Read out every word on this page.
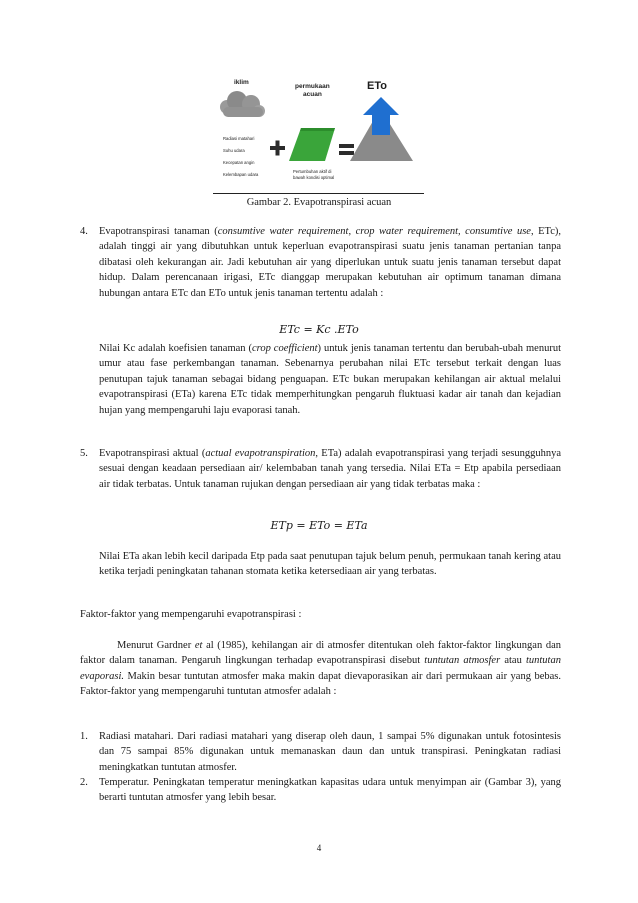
iklim
permukaan
acuan
ETo
Radiasi matahari
Suhu udara
Kecepatan angin
Kelembapan udara
Pertumbuhan aktif di
bawah kondisi optimal
Gambar 2. Evapotranspirasi acuan
4. Evapotranspirasi tanaman (consumtive water requirement, crop water requirement, consumtive use, ETc), adalah tinggi air yang dibutuhkan untuk keperluan evapotranspirasi suatu jenis tanaman pertanian tanpa dibatasi oleh kekurangan air. Jadi kebutuhan air yang diperlukan untuk suatu jenis tanaman tersebut dapat hidup. Dalam perencanaan irigasi, ETc dianggap merupakan kebutuhan air optimum tanaman dimana hubungan antara ETc dan ETo untuk jenis tanaman tertentu adalah :
ETc = Kc .ETo
Nilai Kc adalah koefisien tanaman (crop coefficient) untuk jenis tanaman tertentu dan berubah-ubah menurut umur atau fase perkembangan tanaman. Sebenarnya perubahan nilai ETc tersebut terkait dengan luas penutupan tajuk tanaman sebagai bidang penguapan. ETc bukan merupakan kehilangan air aktual melalui evapotranspirasi (ETa) karena ETc tidak memperhitungkan pengaruh fluktuasi kadar air tanah dan kejadian hujan yang mempengaruhi laju evaporasi tanah.
5. Evapotranspirasi aktual (actual evapotranspiration, ETa) adalah evapotranspirasi yang terjadi sesungguhnya sesuai dengan keadaan persediaan air/ kelembaban tanah yang tersedia. Nilai ETa = Etp apabila persediaan air tidak terbatas. Untuk tanaman rujukan dengan persediaan air yang tidak terbatas maka :
ETp = ETo = ETa
Nilai ETa akan lebih kecil daripada Etp pada saat penutupan tajuk belum penuh, permukaan tanah kering atau ketika terjadi peningkatan tahanan stomata ketika ketersediaan air yang terbatas.
Faktor-faktor yang mempengaruhi evapotranspirasi :
Menurut Gardner et al (1985), kehilangan air di atmosfer ditentukan oleh faktor-faktor lingkungan dan faktor dalam tanaman. Pengaruh lingkungan terhadap evapotranspirasi disebut tuntutan atmosfer atau tuntutan evaporasi. Makin besar tuntutan atmosfer maka makin dapat dievaporasikan air dari permukaan air yang bebas. Faktor-faktor yang mempengaruhi tuntutan atmosfer adalah :
1. Radiasi matahari. Dari radiasi matahari yang diserap oleh daun, 1 sampai 5% digunakan untuk fotosintesis dan 75 sampai 85% digunakan untuk memanaskan daun dan untuk transpirasi. Peningkatan radiasi meningkatkan tuntutan atmosfer.
2. Temperatur. Peningkatan temperatur meningkatkan kapasitas udara untuk menyimpan air (Gambar 3), yang berarti tuntutan atmosfer yang lebih besar.
4
